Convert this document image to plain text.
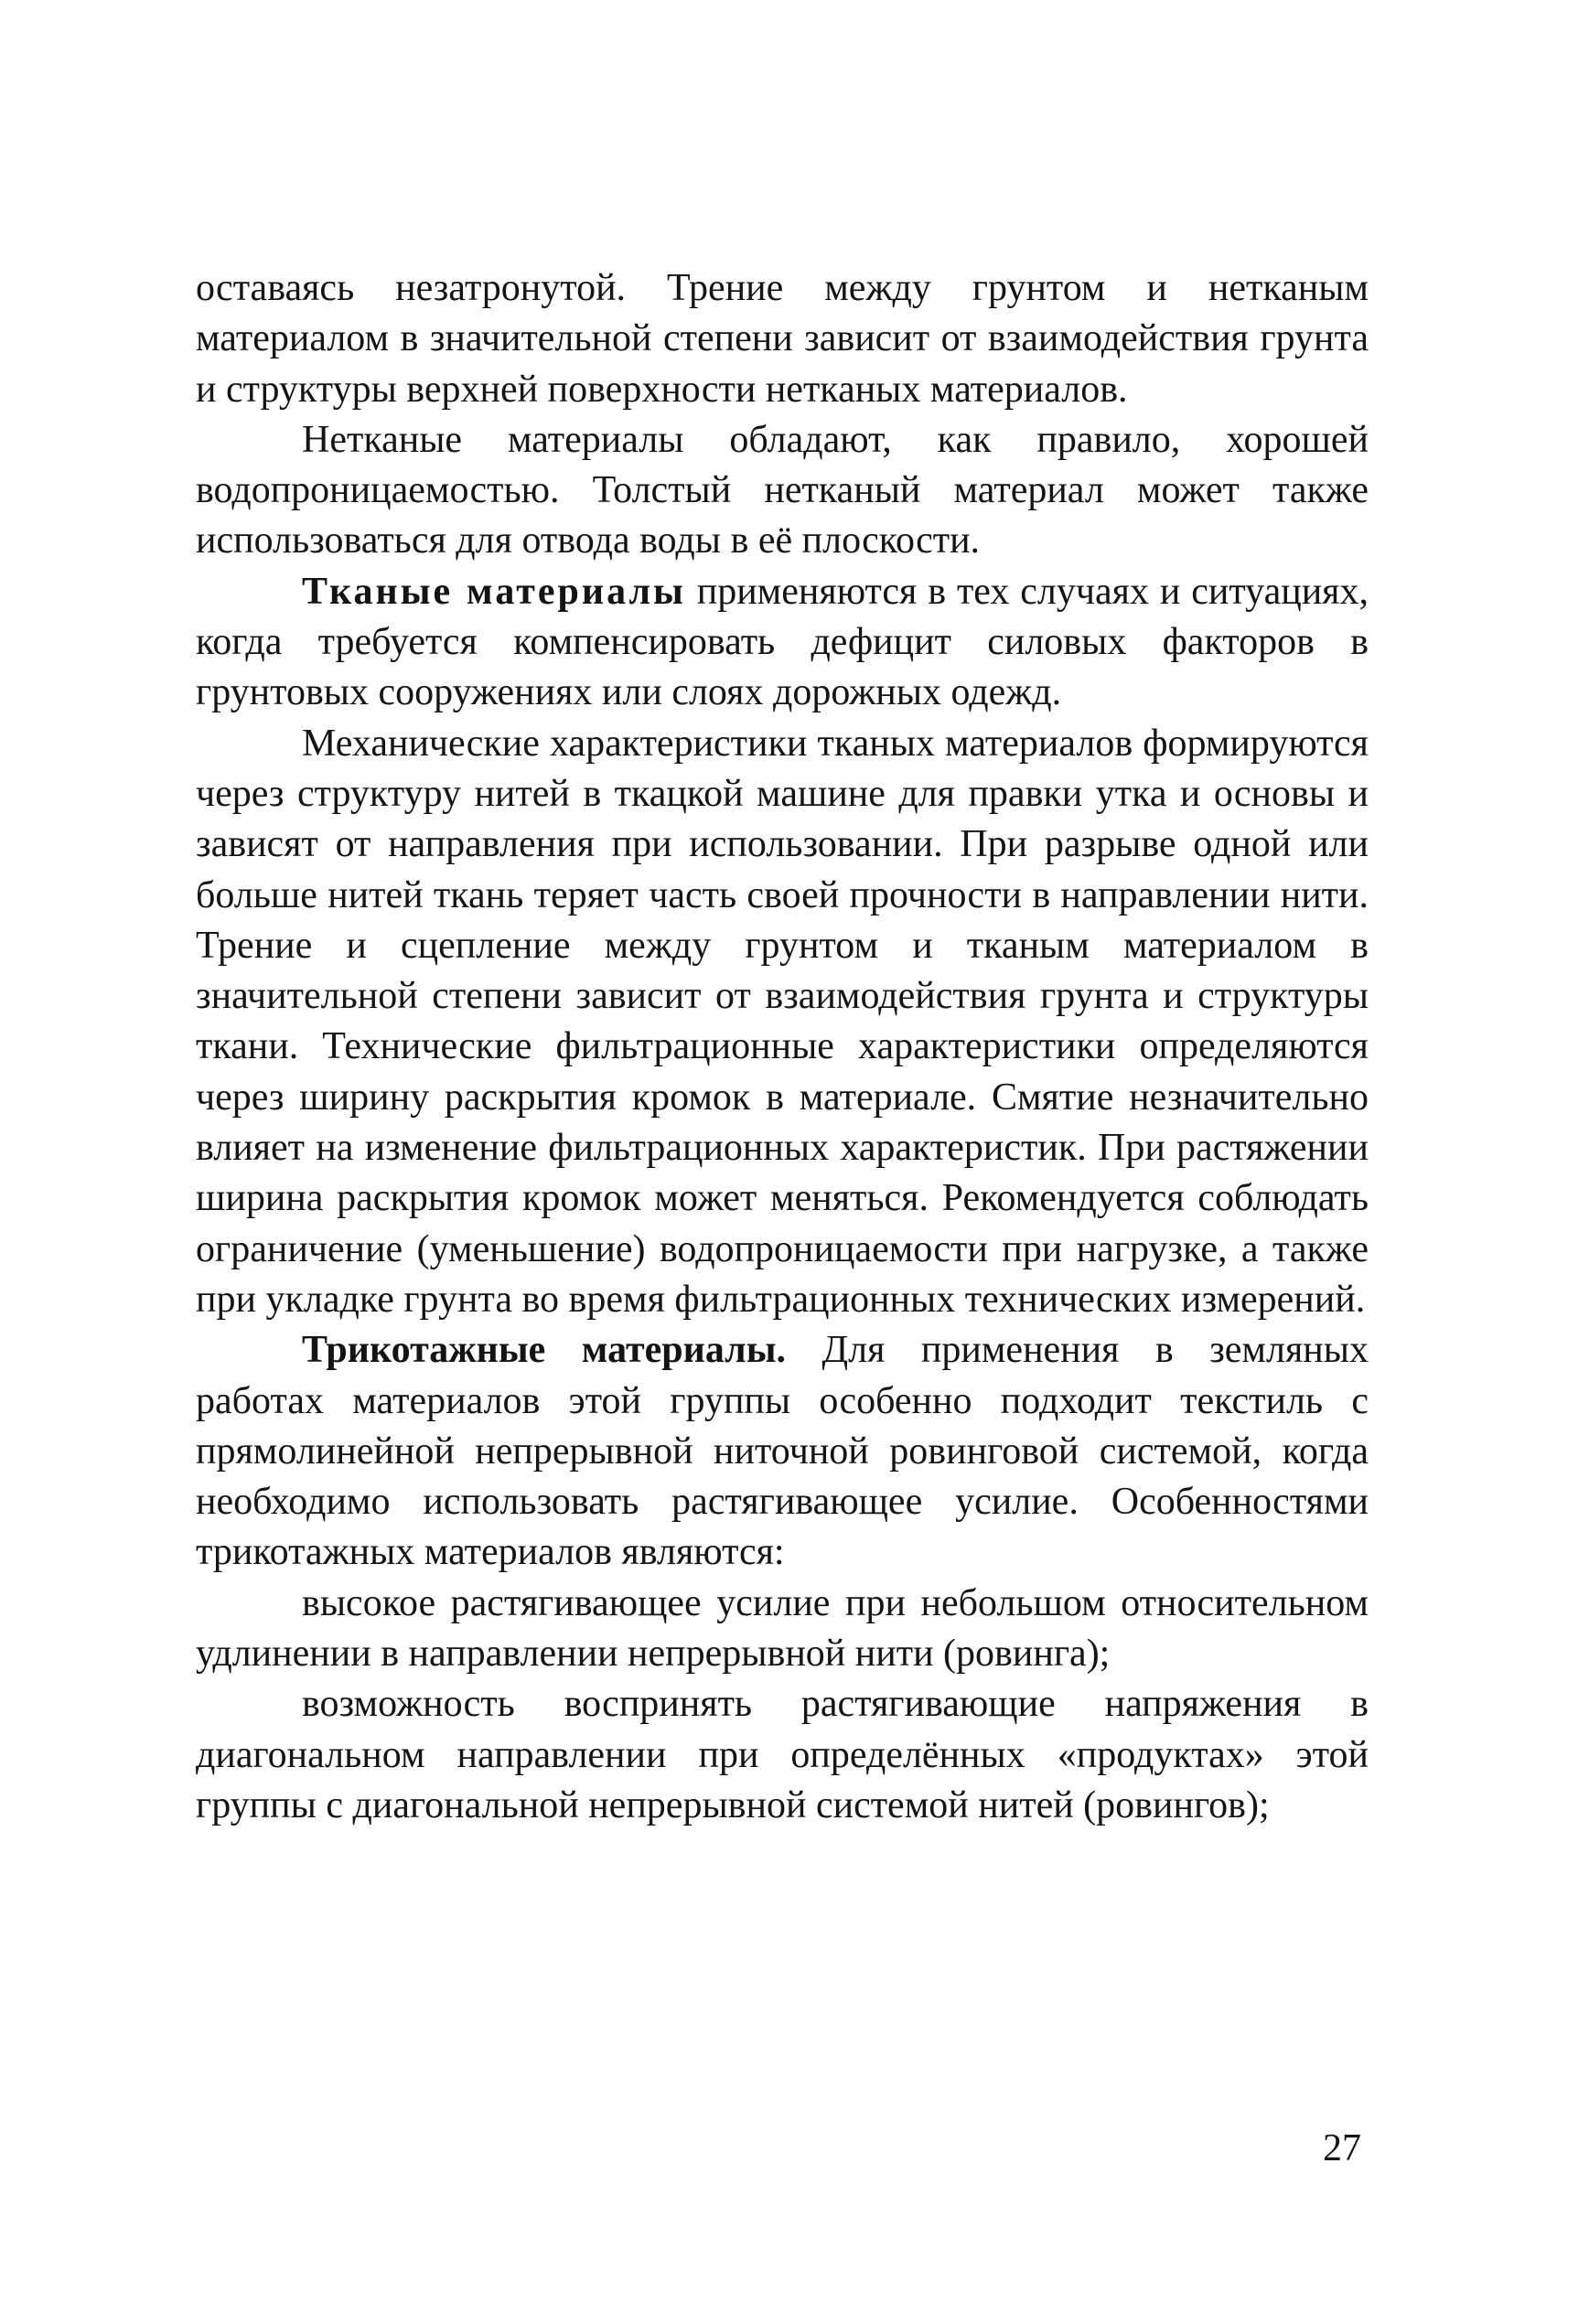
оставаясь незатронутой. Трение между грунтом и нетканым материалом в значительной степени зависит от взаимодействия грунта и структуры верхней поверхности нетканых материалов.

Нетканые материалы обладают, как правило, хорошей водопроницаемостью. Толстый нетканый материал может также использоваться для отвода воды в её плоскости.

Тканые материалы применяются в тех случаях и ситуациях, когда требуется компенсировать дефицит силовых факторов в грунтовых сооружениях или слоях дорожных одежд.

Механические характеристики тканых материалов формируются через структуру нитей в ткацкой машине для правки утка и основы и зависят от направления при использовании. При разрыве одной или больше нитей ткань теряет часть своей прочности в направлении нити. Трение и сцепление между грунтом и тканым материалом в значительной степени зависит от взаимодействия грунта и структуры ткани. Технические фильтрационные характеристики определяются через ширину раскрытия кромок в материале. Смятие незначительно влияет на изменение фильтрационных характеристик. При растяжении ширина раскрытия кромок может меняться. Рекомендуется соблюдать ограничение (уменьшение) водопроницаемости при нагрузке, а также при укладке грунта во время фильтрационных технических измерений.

Трикотажные материалы. Для применения в земляных работах материалов этой группы особенно подходит текстиль с прямолинейной непрерывной ниточной ровинговой системой, когда необходимо использовать растягивающее усилие. Особенностями трикотажных материалов являются:

высокое растягивающее усилие при небольшом относительном удлинении в направлении непрерывной нити (ровинга);

возможность воспринять растягивающие напряжения в диагональном направлении при определённых «продуктах» этой группы с диагональной непрерывной системой нитей (ровингов);

27
